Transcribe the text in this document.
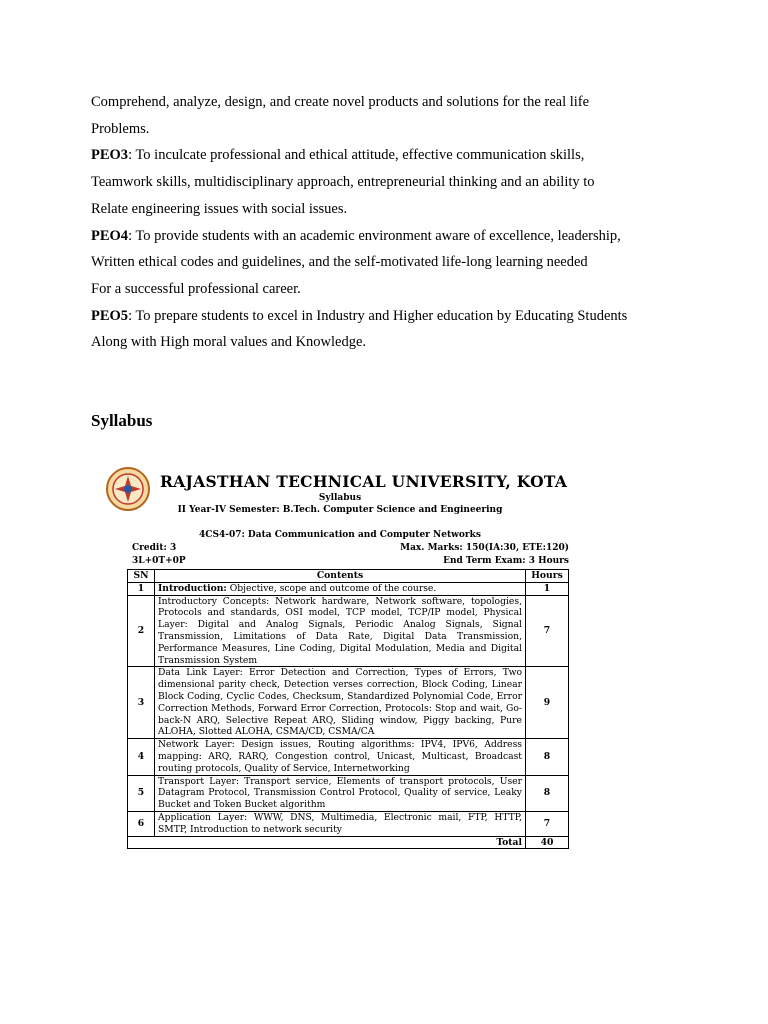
Comprehend, analyze, design, and create novel products and solutions for the real life

Problems.

PEO3: To inculcate professional and ethical attitude, effective communication skills,

Teamwork skills, multidisciplinary approach, entrepreneurial thinking and an ability to

Relate engineering issues with social issues.

PEO4: To provide students with an academic environment aware of excellence, leadership,

Written ethical codes and guidelines, and the self-motivated life-long learning needed

For a successful professional career.

PEO5: To prepare students to excel in Industry and Higher education by Educating Students

Along with High moral values and Knowledge.

Syllabus
RAJASTHAN TECHNICAL UNIVERSITY, KOTA
Syllabus
II Year-IV Semester: B.Tech. Computer Science and Engineering
4CS4-07: Data Communication and Computer Networks
Credit: 3	Max. Marks: 150(IA:30, ETE:120)
3L+0T+0P	End Term Exam: 3 Hours
SN	Contents	Hours
1	Introduction: Objective, scope and outcome of the course.	1
2	Introductory Concepts: Network hardware, Network software, topologies, Protocols and standards, OSI model, TCP model, TCP/IP model, Physical Layer: Digital and Analog Signals, Periodic Analog Signals, Signal Transmission, Limitations of Data Rate, Digital Data Transmission, Performance Measures, Line Coding, Digital Modulation, Media and Digital Transmission System	7
3	Data Link Layer: Error Detection and Correction, Types of Errors, Two dimensional parity check, Detection verses correction, Block Coding, Linear Block Coding, Cyclic Codes, Checksum, Standardized Polynomial Code, Error Correction Methods, Forward Error Correction, Protocols: Stop and wait, Go-back-N ARQ, Selective Repeat ARQ, Sliding window, Piggy backing, Pure ALOHA, Slotted ALOHA, CSMA/CD, CSMA/CA	9
4	Network Layer: Design issues, Routing algorithms: IPV4, IPV6, Address mapping: ARQ, RARQ, Congestion control, Unicast, Multicast, Broadcast routing protocols, Quality of Service, Internetworking	8
5	Transport Layer: Transport service, Elements of transport protocols, User Datagram Protocol, Transmission Control Protocol, Quality of service, Leaky Bucket and Token Bucket algorithm	8
6	Application Layer: WWW, DNS, Multimedia, Electronic mail, FTP, HTTP, SMTP, Introduction to network security	7
Total		40
